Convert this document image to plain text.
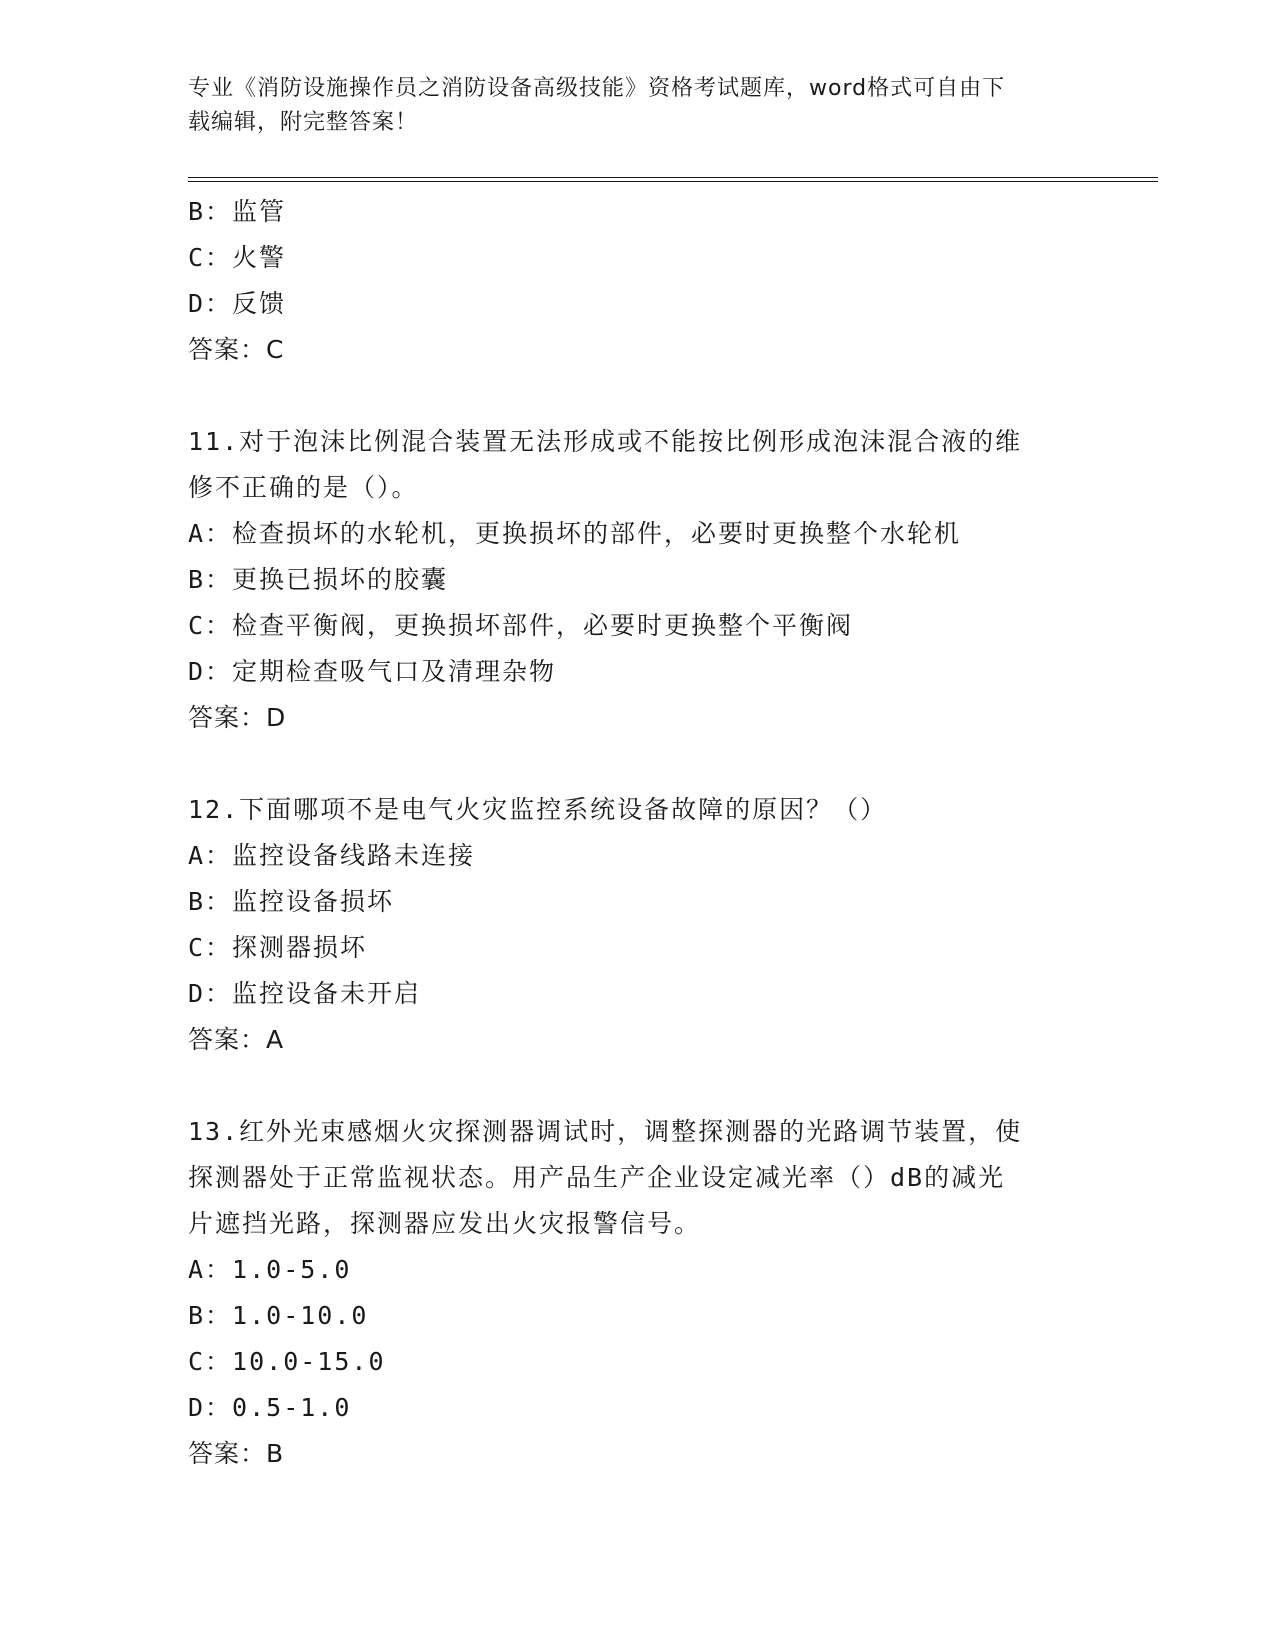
专业《消防设施操作员之消防设备高级技能》资格考试题库，word格式可自由下
载编辑，附完整答案！
B：监管
C：火警
D：反馈
答案：C
11.对于泡沫比例混合装置无法形成或不能按比例形成泡沫混合液的维
修不正确的是（）。
A：检查损坏的水轮机，更换损坏的部件，必要时更换整个水轮机
B：更换已损坏的胶囊
C：检查平衡阀，更换损坏部件，必要时更换整个平衡阀
D：定期检查吸气口及清理杂物
答案：D
12.下面哪项不是电气火灾监控系统设备故障的原因？（）
A：监控设备线路未连接
B：监控设备损坏
C：探测器损坏
D：监控设备未开启
答案：A
13.红外光束感烟火灾探测器调试时，调整探测器的光路调节装置，使
探测器处于正常监视状态。用产品生产企业设定减光率（）dB的减光
片遮挡光路，探测器应发出火灾报警信号。
A：1.0-5.0
B：1.0-10.0
C：10.0-15.0
D：0.5-1.0
答案：B
